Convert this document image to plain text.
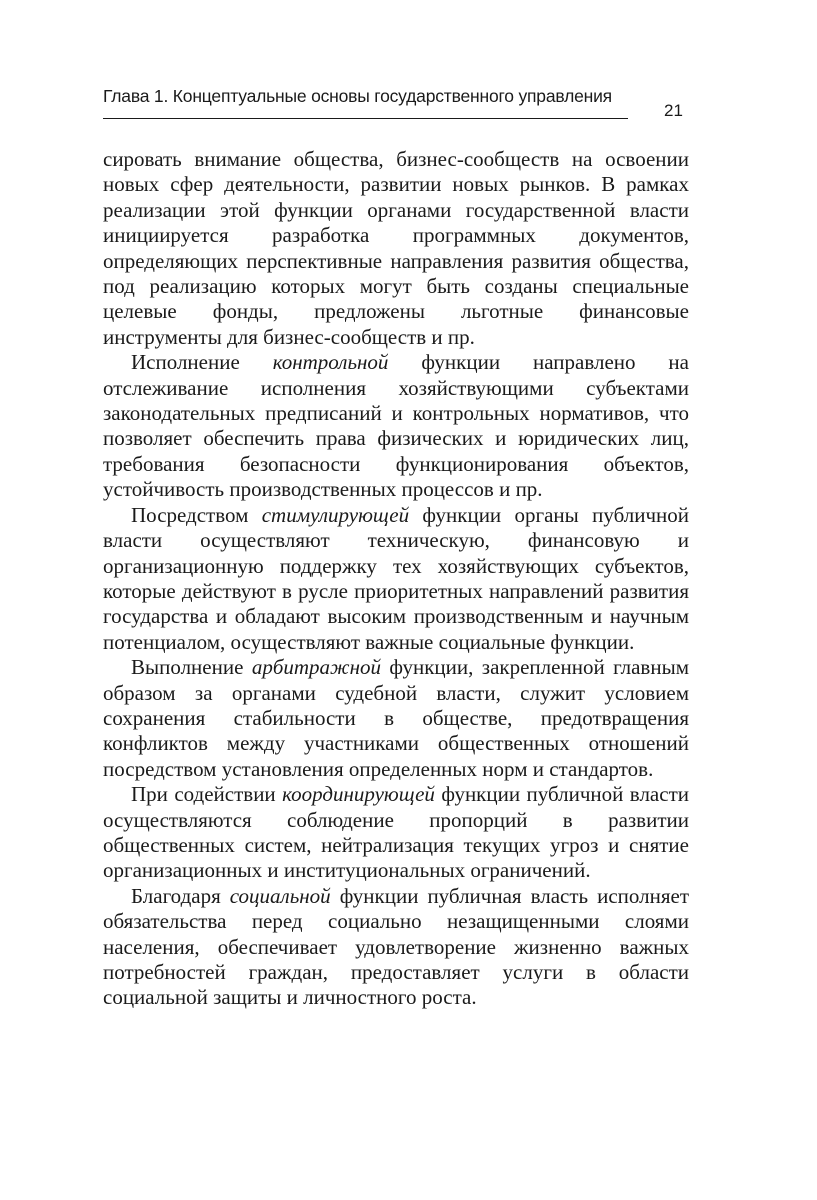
Глава 1. Концептуальные основы государственного управления
21

сировать внимание общества, бизнес-сообществ на освоении новых сфер деятельности, развитии новых рынков. В рамках реализации этой функции органами государственной власти инициируется разработка программных документов, определяющих перспективные направления развития общества, под реализацию которых могут быть созданы специальные целевые фонды, предложены льготные финансовые инструменты для бизнес-сообществ и пр.

Исполнение контрольной функции направлено на отслеживание исполнения хозяйствующими субъектами законодательных предписаний и контрольных нормативов, что позволяет обеспечить права физических и юридических лиц, требования безопасности функционирования объектов, устойчивость производственных процессов и пр.

Посредством стимулирующей функции органы публичной власти осуществляют техническую, финансовую и организационную поддержку тех хозяйствующих субъектов, которые действуют в русле приоритетных направлений развития государства и обладают высоким производственным и научным потенциалом, осуществляют важные социальные функции.

Выполнение арбитражной функции, закрепленной главным образом за органами судебной власти, служит условием сохранения стабильности в обществе, предотвращения конфликтов между участниками общественных отношений посредством установления определенных норм и стандартов.

При содействии координирующей функции публичной власти осуществляются соблюдение пропорций в развитии общественных систем, нейтрализация текущих угроз и снятие организационных и институциональных ограничений.

Благодаря социальной функции публичная власть исполняет обязательства перед социально незащищенными слоями населения, обеспечивает удовлетворение жизненно важных потребностей граждан, предоставляет услуги в области социальной защиты и личностного роста.
